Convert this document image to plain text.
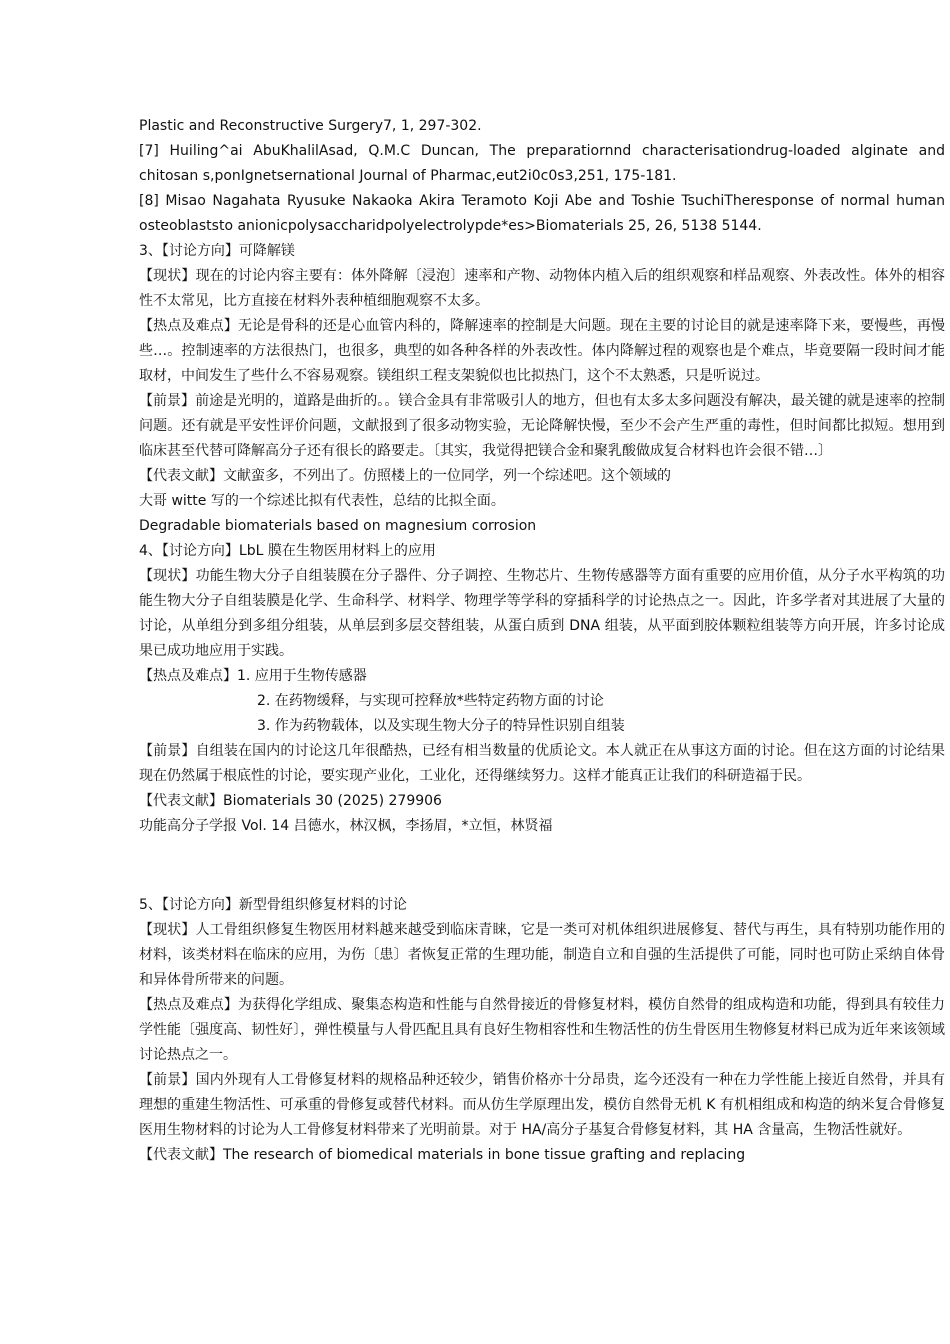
Plastic and Reconstructive Surgery7, 1, 297-302.

[7] Huiling^ai AbuKhalilAsad, Q.M.C Duncan, The preparatiornnd characterisationdrug-loaded alginate and chitosan s,ponIgnetsernational Journal of Pharmac,eut2i0c0s3,251, 175-181.

[8] Misao Nagahata Ryusuke Nakaoka Akira Teramoto Koji Abe and Toshie TsuchiTheresponse of normal human osteoblaststo anionicpolysaccharidpolyelectrolypde*es>Biomaterials 25, 26, 5138 5144.

3、【讨论方向】可降解镁

【现状】现在的讨论内容主要有：体外降解〔浸泡〕速率和产物、动物体内植入后的组织观察和样品观察、外表改性。体外的相容性不太常见，比方直接在材料外表种植细胞观察不太多。

【热点及难点】无论是骨科的还是心血管内科的，降解速率的控制是大问题。现在主要的讨论目的就是速率降下来，要慢些，再慢些…。控制速率的方法很热门，也很多，典型的如各种各样的外表改性。体内降解过程的观察也是个难点，毕竟要隔一段时间才能取材，中间发生了些什么不容易观察。镁组织工程支架貌似也比拟热门，这个不太熟悉，只是听说过。

【前景】前途是光明的，道路是曲折的。。镁合金具有非常吸引人的地方，但也有太多太多问题没有解决，最关键的就是速率的控制问题。还有就是平安性评价问题，文献报到了很多动物实验，无论降解快慢，至少不会产生严重的毒性，但时间都比拟短。想用到临床甚至代替可降解高分子还有很长的路要走。〔其实，我觉得把镁合金和聚乳酸做成复合材料也许会很不错…〕

【代表文献】文献蛮多，不列出了。仿照楼上的一位同学，列一个综述吧。这个领域的

大哥 witte 写的一个综述比拟有代表性，总结的比拟全面。

Degradable biomaterials based on magnesium corrosion

4、【讨论方向】LbL 膜在生物医用材料上的应用

【现状】功能生物大分子自组装膜在分子器件、分子调控、生物芯片、生物传感器等方面有重要的应用价值，从分子水平构筑的功能生物大分子自组装膜是化学、生命科学、材料学、物理学等学科的穿插科学的讨论热点之一。因此，许多学者对其进展了大量的讨论，从单组分到多组分组装，从单层到多层交替组装，从蛋白质到 DNA 组装，从平面到胶体颗粒组装等方向开展，许多讨论成果已成功地应用于实践。

【热点及难点】1. 应用于生物传感器

2. 在药物缓释，与实现可控释放*些特定药物方面的讨论

3. 作为药物载体，以及实现生物大分子的特异性识别自组装

【前景】自组装在国内的讨论这几年很酷热，已经有相当数量的优质论文。本人就正在从事这方面的讨论。但在这方面的讨论结果现在仍然属于根底性的讨论，要实现产业化，工业化，还得继续努力。这样才能真正让我们的科研造福于民。

【代表文献】Biomaterials 30 (2025) 279906

功能高分子学报 Vol. 14 吕德水，林汉枫，李扬眉，*立恒，林贤福

5、【讨论方向】新型骨组织修复材料的讨论

【现状】人工骨组织修复生物医用材料越来越受到临床青睐，它是一类可对机体组织进展修复、替代与再生，具有特别功能作用的材料，该类材料在临床的应用，为伤〔患〕者恢复正常的生理功能，制造自立和自强的生活提供了可能，同时也可防止采纳自体骨和异体骨所带来的问题。

【热点及难点】为获得化学组成、聚集态构造和性能与自然骨接近的骨修复材料，模仿自然骨的组成构造和功能，得到具有较佳力学性能〔强度高、韧性好〕，弹性模量与人骨匹配且具有良好生物相容性和生物活性的仿生骨医用生物修复材料已成为近年来该领域讨论热点之一。

【前景】国内外现有人工骨修复材料的规格品种还较少，销售价格亦十分昂贵，迄今还没有一种在力学性能上接近自然骨，并具有理想的重建生物活性、可承重的骨修复或替代材料。而从仿生学原理出发，模仿自然骨无机 K 有机相组成和构造的纳米复合骨修复医用生物材料的讨论为人工骨修复材料带来了光明前景。对于 HA/高分子基复合骨修复材料，其 HA 含量高，生物活性就好。

【代表文献】The research of biomedical materials in bone tissue grafting and replacing
